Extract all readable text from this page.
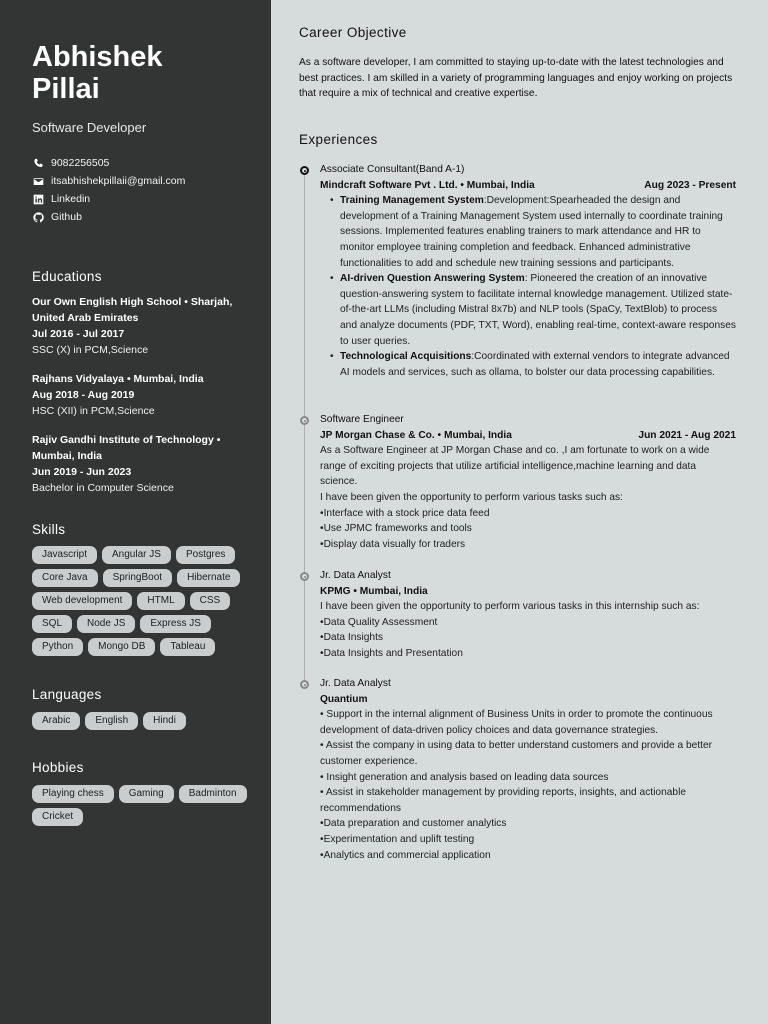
Abhishek
Pillai
Software Developer
9082256505
itsabhishekpillaii@gmail.com
Linkedin
Github
Educations
Our Own English High School • Sharjah, United Arab Emirates
Jul 2016 - Jul 2017
SSC (X) in PCM,Science
Rajhans Vidyalaya • Mumbai, India
Aug 2018 - Aug 2019
HSC (XII) in PCM,Science
Rajiv Gandhi Institute of Technology • Mumbai, India
Jun 2019 - Jun 2023
Bachelor in Computer Science
Skills
Javascript	Angular JS	Postgres
Core Java	SpringBoot	Hibernate
Web development	HTML	CSS
SQL	Node JS	Express JS
Python	Mongo DB	Tableau
Languages
Arabic	English	Hindi
Hobbies
Playing chess	Gaming	Badminton
Cricket
Career Objective
As a software developer, I am committed to staying up-to-date with the latest technologies and best practices. I am skilled in a variety of programming languages and enjoy working on projects that require a mix of technical and creative expertise.
Experiences
Associate Consultant(Band A-1)
Mindcraft Software Pvt . Ltd. • Mumbai, India	Aug 2023 - Present
• Training Management System:Development:Spearheaded the design and development of a Training Management System used internally to coordinate training sessions. Implemented features enabling trainers to mark attendance and HR to monitor employee training completion and feedback. Enhanced administrative functionalities to add and schedule new training sessions and participants.
• AI-driven Question Answering System: Pioneered the creation of an innovative question-answering system to facilitate internal knowledge management. Utilized state-of-the-art LLMs (including Mistral 8x7b) and NLP tools (SpaCy, TextBlob) to process and analyze documents (PDF, TXT, Word), enabling real-time, context-aware responses to user queries.
• Technological Acquisitions:Coordinated with external vendors to integrate advanced AI models and services, such as ollama, to bolster our data processing capabilities.
Software Engineer
JP Morgan Chase & Co. • Mumbai, India	Jun 2021 - Aug 2021
As a Software Engineer at JP Morgan Chase and co. ,I am fortunate to work on a wide range of exciting projects that utilize artificial intelligence,machine learning and data science.
I have been given the opportunity to perform various tasks such as:
•Interface with a stock price data feed
•Use JPMC frameworks and tools
•Display data visually for traders
Jr. Data Analyst
KPMG • Mumbai, India
I have been given the opportunity to perform various tasks in this internship such as:
•Data Quality Assessment
•Data Insights
•Data Insights and Presentation
Jr. Data Analyst
Quantium
• Support in the internal alignment of Business Units in order to promote the continuous development of data-driven policy choices and data governance strategies.
• Assist the company in using data to better understand customers and provide a better customer experience.
• Insight generation and analysis based on leading data sources
• Assist in stakeholder management by providing reports, insights, and actionable recommendations
•Data preparation and customer analytics
•Experimentation and uplift testing
•Analytics and commercial application
